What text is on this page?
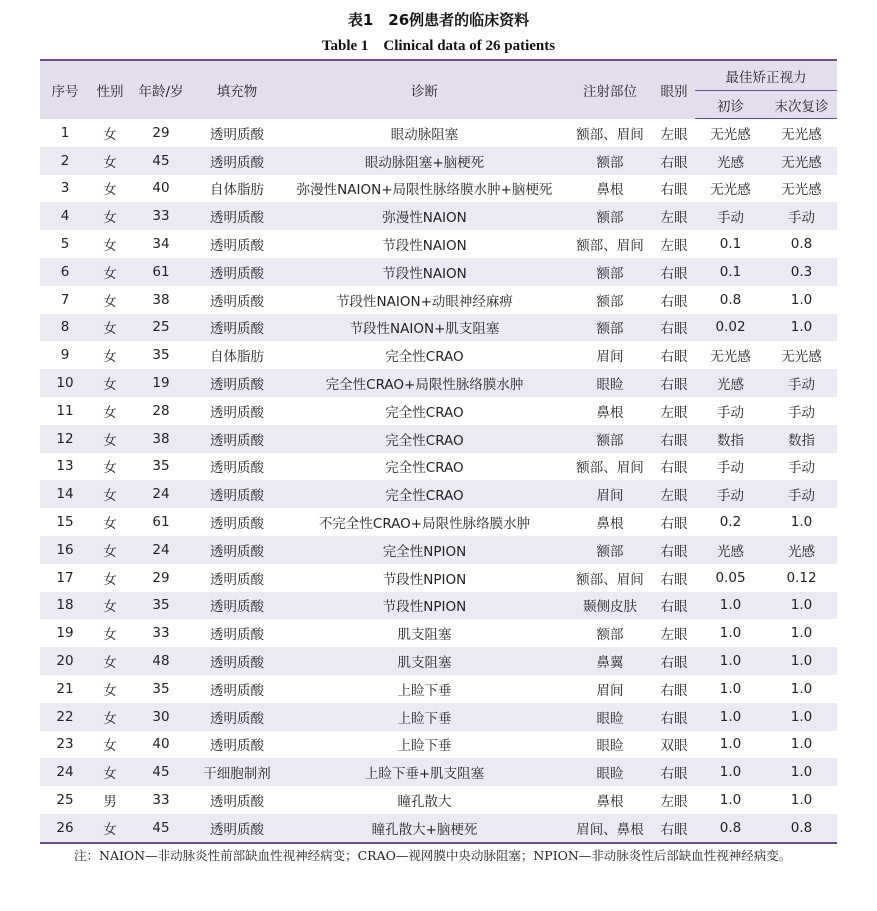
表1　26例患者的临床资料
Table 1　Clinical data of 26 patients
序号	性别	年龄/岁	填充物	诊断	注射部位	眼别	最佳矫正视力	
							初诊	末次复诊
1	女	29	透明质酸	眼动脉阻塞	额部、眉间	左眼	无光感	无光感
2	女	45	透明质酸	眼动脉阻塞+脑梗死	额部	右眼	光感	无光感
3	女	40	自体脂肪	弥漫性NAION+局限性脉络膜水肿+脑梗死	鼻根	右眼	无光感	无光感
4	女	33	透明质酸	弥漫性NAION	额部	左眼	手动	手动
5	女	34	透明质酸	节段性NAION	额部、眉间	左眼	0.1	0.8
6	女	61	透明质酸	节段性NAION	额部	右眼	0.1	0.3
7	女	38	透明质酸	节段性NAION+动眼神经麻痹	额部	右眼	0.8	1.0
8	女	25	透明质酸	节段性NAION+肌支阻塞	额部	右眼	0.02	1.0
9	女	35	自体脂肪	完全性CRAO	眉间	右眼	无光感	无光感
10	女	19	透明质酸	完全性CRAO+局限性脉络膜水肿	眼睑	右眼	光感	手动
11	女	28	透明质酸	完全性CRAO	鼻根	左眼	手动	手动
12	女	38	透明质酸	完全性CRAO	额部	右眼	数指	数指
13	女	35	透明质酸	完全性CRAO	额部、眉间	右眼	手动	手动
14	女	24	透明质酸	完全性CRAO	眉间	左眼	手动	手动
15	女	61	透明质酸	不完全性CRAO+局限性脉络膜水肿	鼻根	右眼	0.2	1.0
16	女	24	透明质酸	完全性NPION	额部	右眼	光感	光感
17	女	29	透明质酸	节段性NPION	额部、眉间	右眼	0.05	0.12
18	女	35	透明质酸	节段性NPION	颞侧皮肤	右眼	1.0	1.0
19	女	33	透明质酸	肌支阻塞	额部	左眼	1.0	1.0
20	女	48	透明质酸	肌支阻塞	鼻翼	右眼	1.0	1.0
21	女	35	透明质酸	上睑下垂	眉间	右眼	1.0	1.0
22	女	30	透明质酸	上睑下垂	眼睑	右眼	1.0	1.0
23	女	40	透明质酸	上睑下垂	眼睑	双眼	1.0	1.0
24	女	45	干细胞制剂	上睑下垂+肌支阻塞	眼睑	右眼	1.0	1.0
25	男	33	透明质酸	瞳孔散大	鼻根	左眼	1.0	1.0
26	女	45	透明质酸	瞳孔散大+脑梗死	眉间、鼻根	右眼	0.8	0.8
注：NAION—非动脉炎性前部缺血性视神经病变；CRAO—视网膜中央动脉阻塞；NPION—非动脉炎性后部缺血性视神经病变。
